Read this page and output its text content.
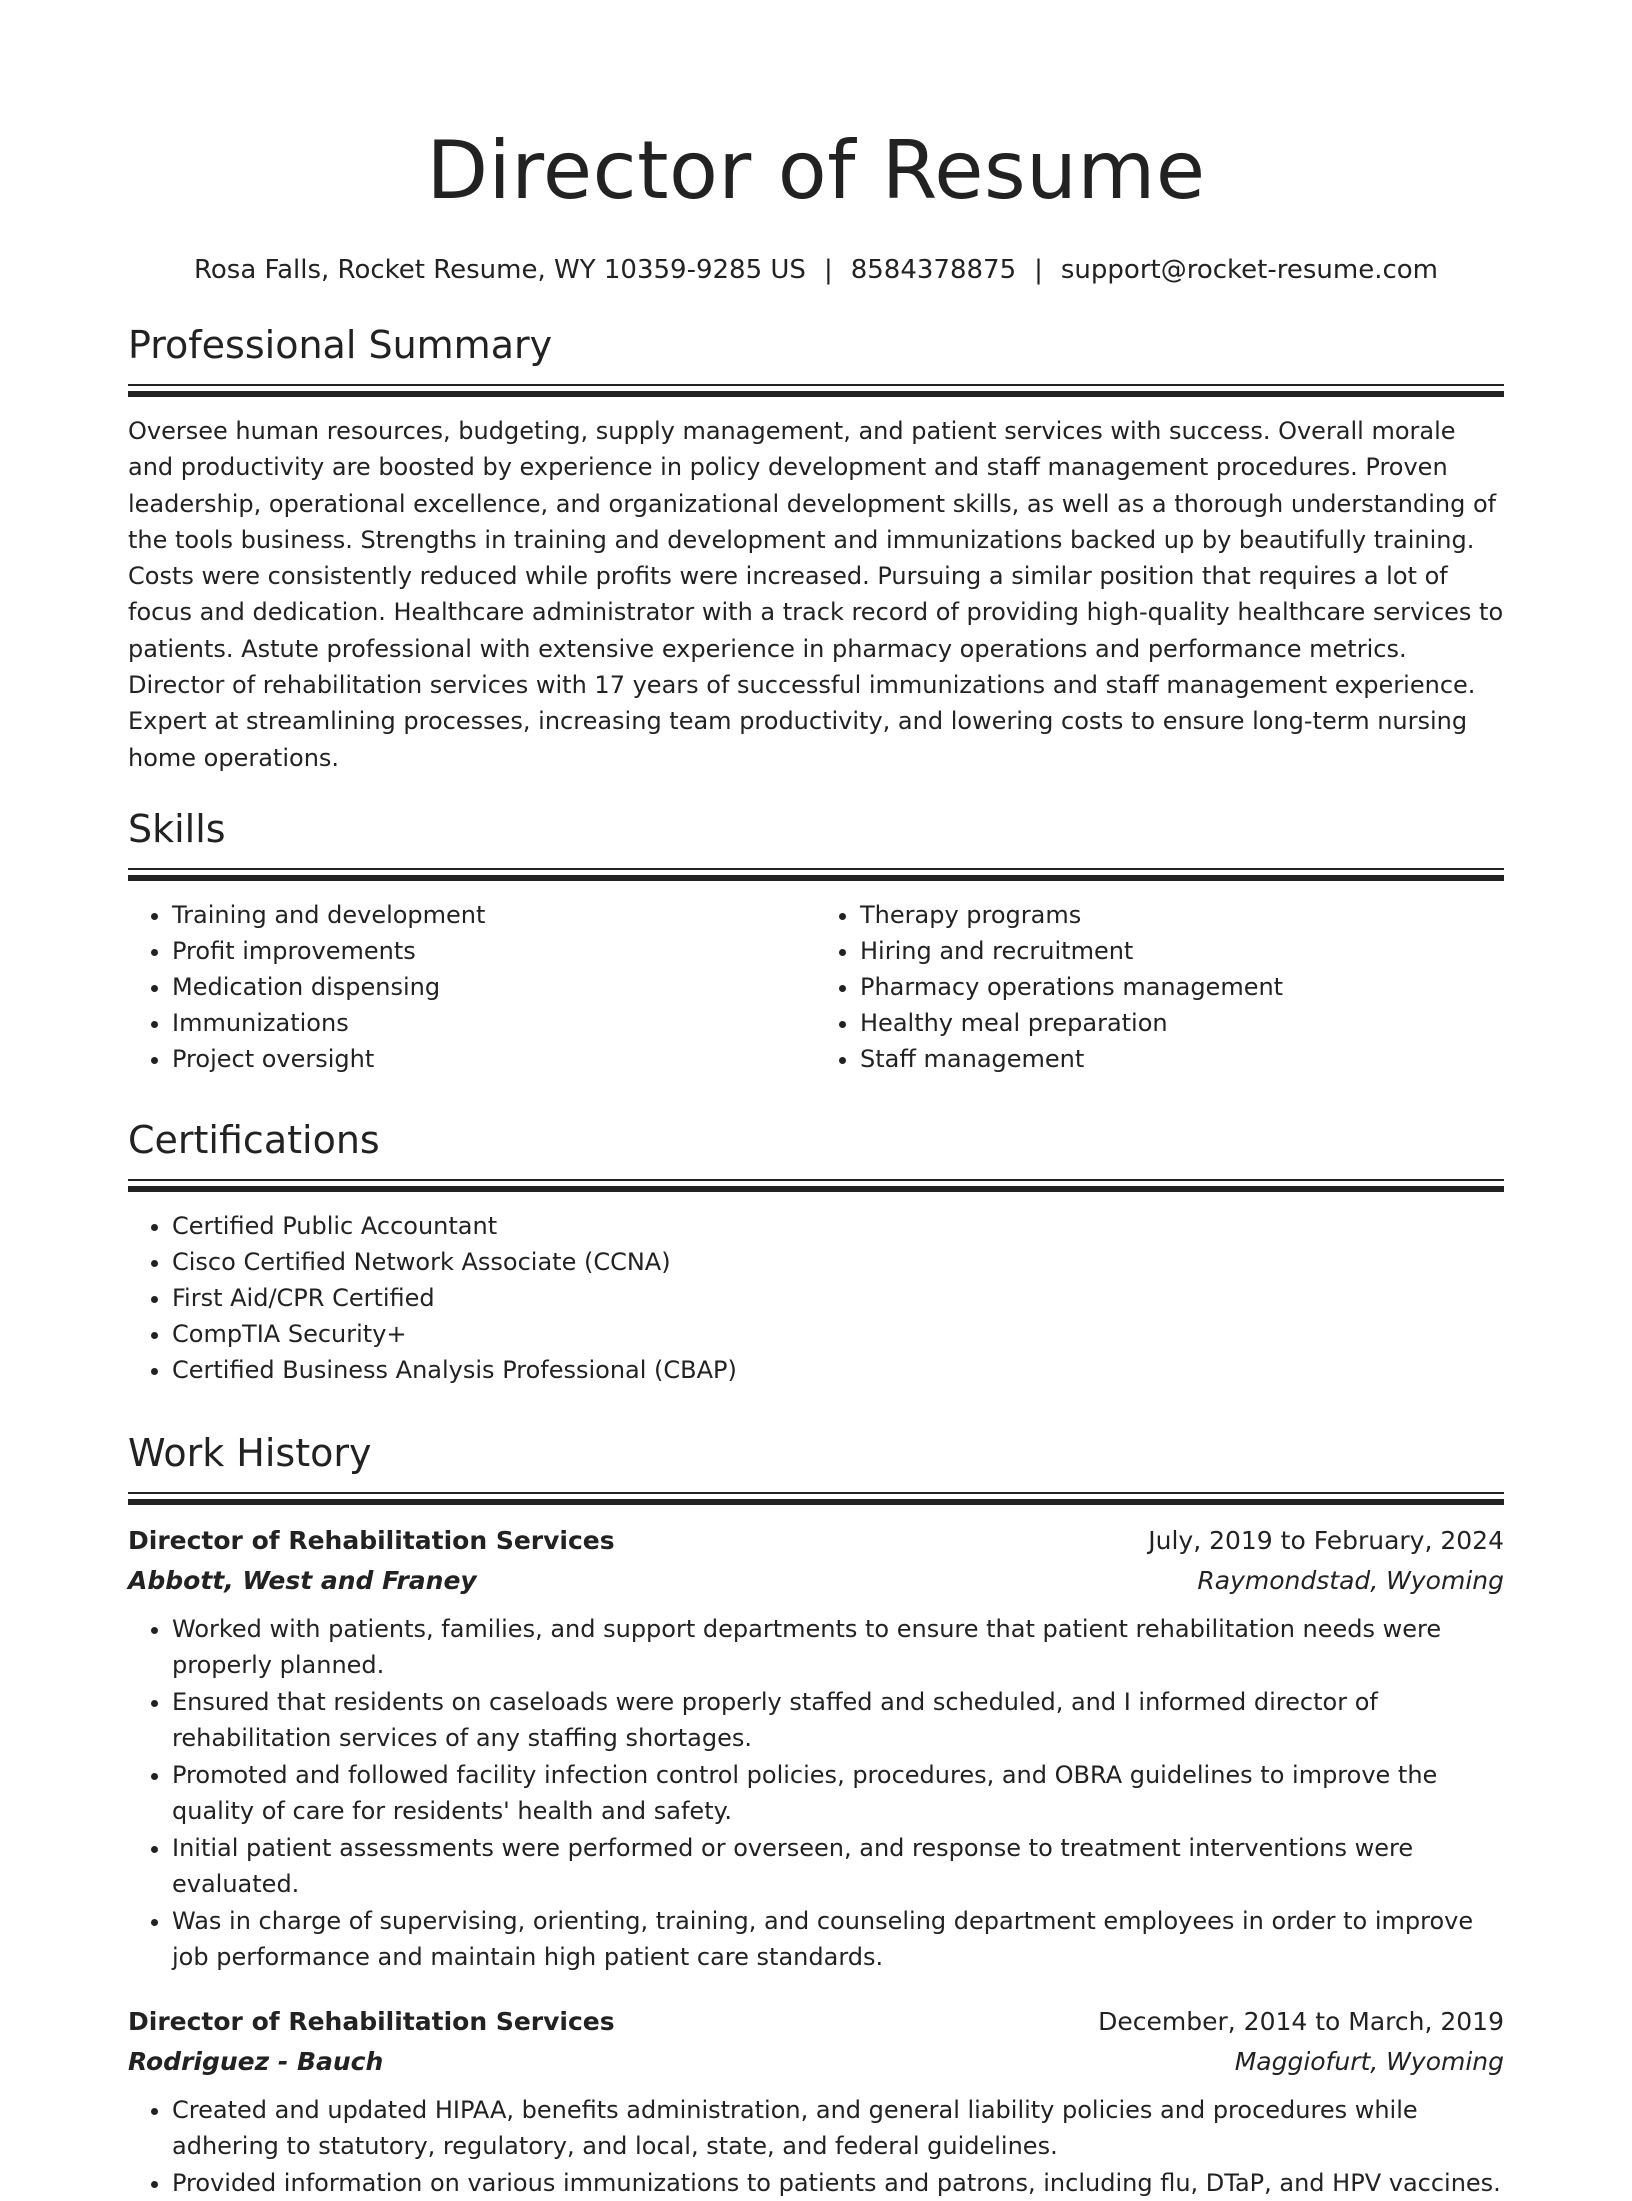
Director of Resume
Rosa Falls, Rocket Resume, WY 10359-9285 US | 8584378875 | support@rocket-resume.com
Professional Summary

Oversee human resources, budgeting, supply management, and patient services with success. Overall morale and productivity are boosted by experience in policy development and staff management procedures. Proven leadership, operational excellence, and organizational development skills, as well as a thorough understanding of the tools business. Strengths in training and development and immunizations backed up by beautifully training. Costs were consistently reduced while profits were increased. Pursuing a similar position that requires a lot of focus and dedication. Healthcare administrator with a track record of providing high-quality healthcare services to patients. Astute professional with extensive experience in pharmacy operations and performance metrics. Director of rehabilitation services with 17 years of successful immunizations and staff management experience. Expert at streamlining processes, increasing team productivity, and lowering costs to ensure long-term nursing home operations.

Skills
• Training and development
• Profit improvements
• Medication dispensing
• Immunizations
• Project oversight
• Therapy programs
• Hiring and recruitment
• Pharmacy operations management
• Healthy meal preparation
• Staff management
Certifications
• Certified Public Accountant
• Cisco Certified Network Associate (CCNA)
• First Aid/CPR Certified
• CompTIA Security+
• Certified Business Analysis Professional (CBAP)
Work History
Director of Rehabilitation Services	July, 2019 to February, 2024
Abbott, West and Franey	Raymondstad, Wyoming
• Worked with patients, families, and support departments to ensure that patient rehabilitation needs were properly planned.
• Ensured that residents on caseloads were properly staffed and scheduled, and I informed director of rehabilitation services of any staffing shortages.
• Promoted and followed facility infection control policies, procedures, and OBRA guidelines to improve the quality of care for residents' health and safety.
• Initial patient assessments were performed or overseen, and response to treatment interventions were evaluated.
• Was in charge of supervising, orienting, training, and counseling department employees in order to improve job performance and maintain high patient care standards.
Director of Rehabilitation Services	December, 2014 to March, 2019
Rodriguez - Bauch	Maggiofurt, Wyoming
• Created and updated HIPAA, benefits administration, and general liability policies and procedures while adhering to statutory, regulatory, and local, state, and federal guidelines.
• Provided information on various immunizations to patients and patrons, including flu, DTaP, and HPV vaccines.
